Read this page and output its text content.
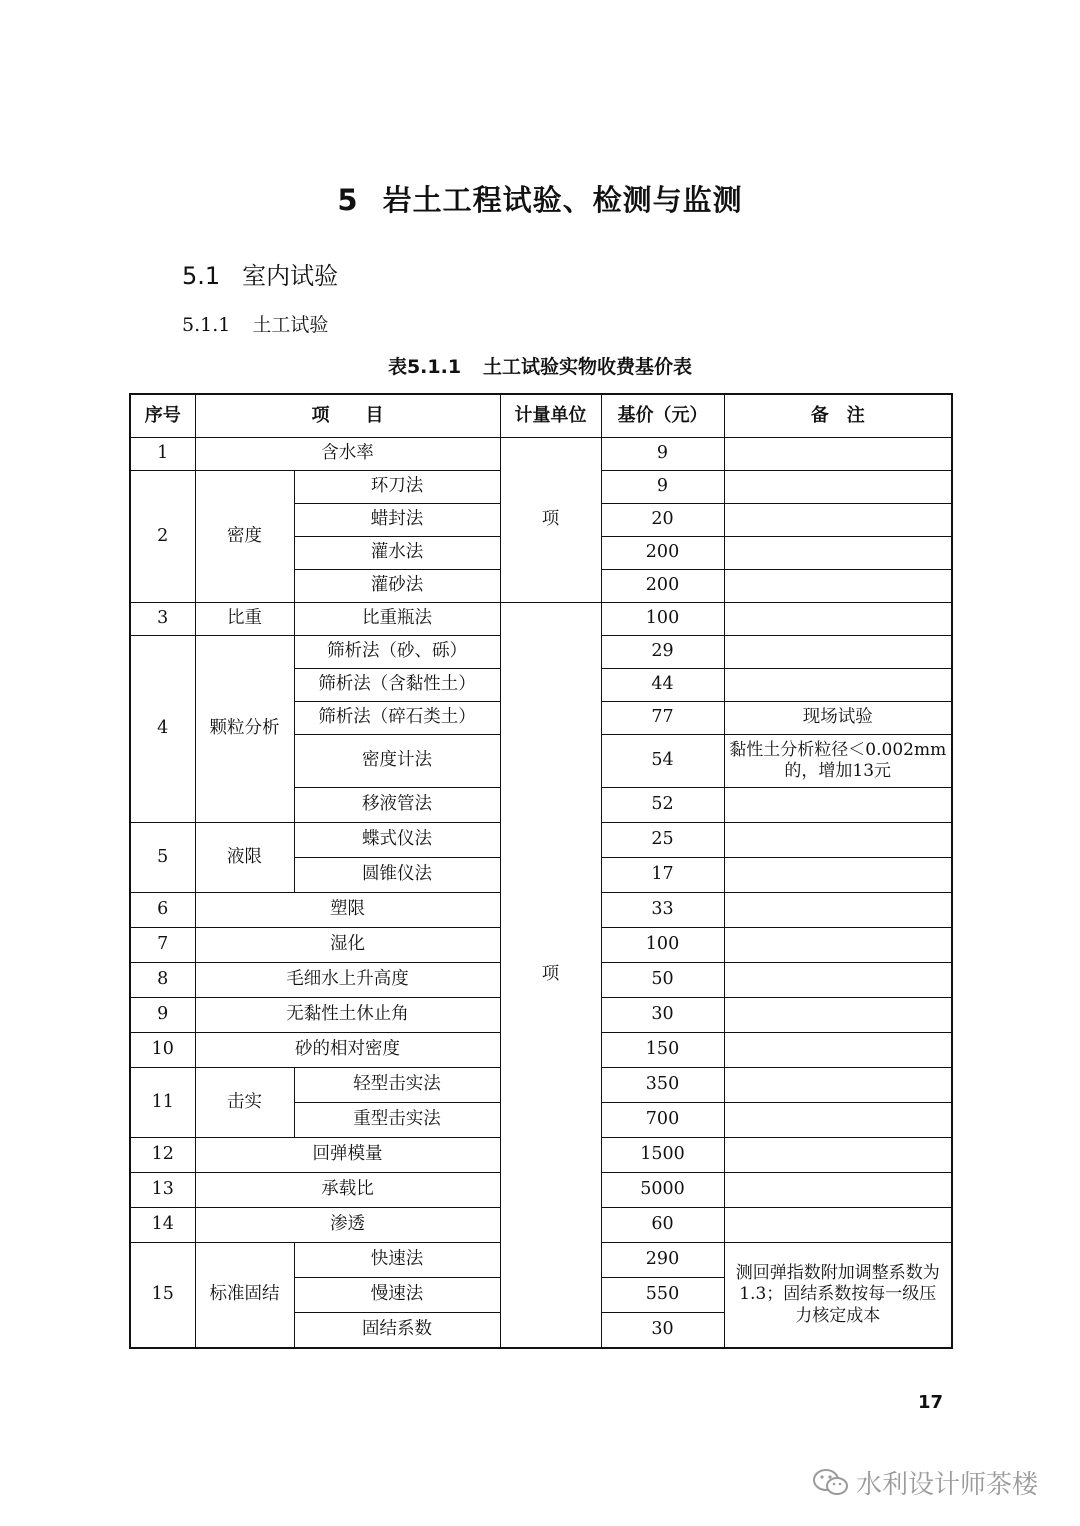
5 岩土工程试验、检测与监测
5.1 室内试验
5.1.1 土工试验
表5.1.1 土工试验实物收费基价表
序号	项　　目		计量单位	基价（元）	备　注
1	含水率		项	9	
2	密度	环刀法		9	
		蜡封法		20	
		灌水法		200	
		灌砂法		200	
3	比重	比重瓶法	项	100	
4	颗粒分析	筛析法（砂、砾）		29	
		筛析法（含黏性土）		44	
		筛析法（碎石类土）		77	现场试验
		密度计法		54	黏性土分析粒径＜0.002mm的，增加13元
		移液管法		52	
5	液限	蝶式仪法		25	
		圆锥仪法		17	
6	塑限			33	
7	湿化			100	
8	毛细水上升高度			50	
9	无黏性土休止角			30	
10	砂的相对密度			150	
11	击实	轻型击实法		350	
		重型击实法		700	
12	回弹模量			1500	
13	承载比			5000	
14	渗透			60	
15	标准固结	快速法		290	测回弹指数附加调整系数为1.3；固结系数按每一级压力核定成本
		慢速法		550	
		固结系数		30	
17
水利设计师茶楼
